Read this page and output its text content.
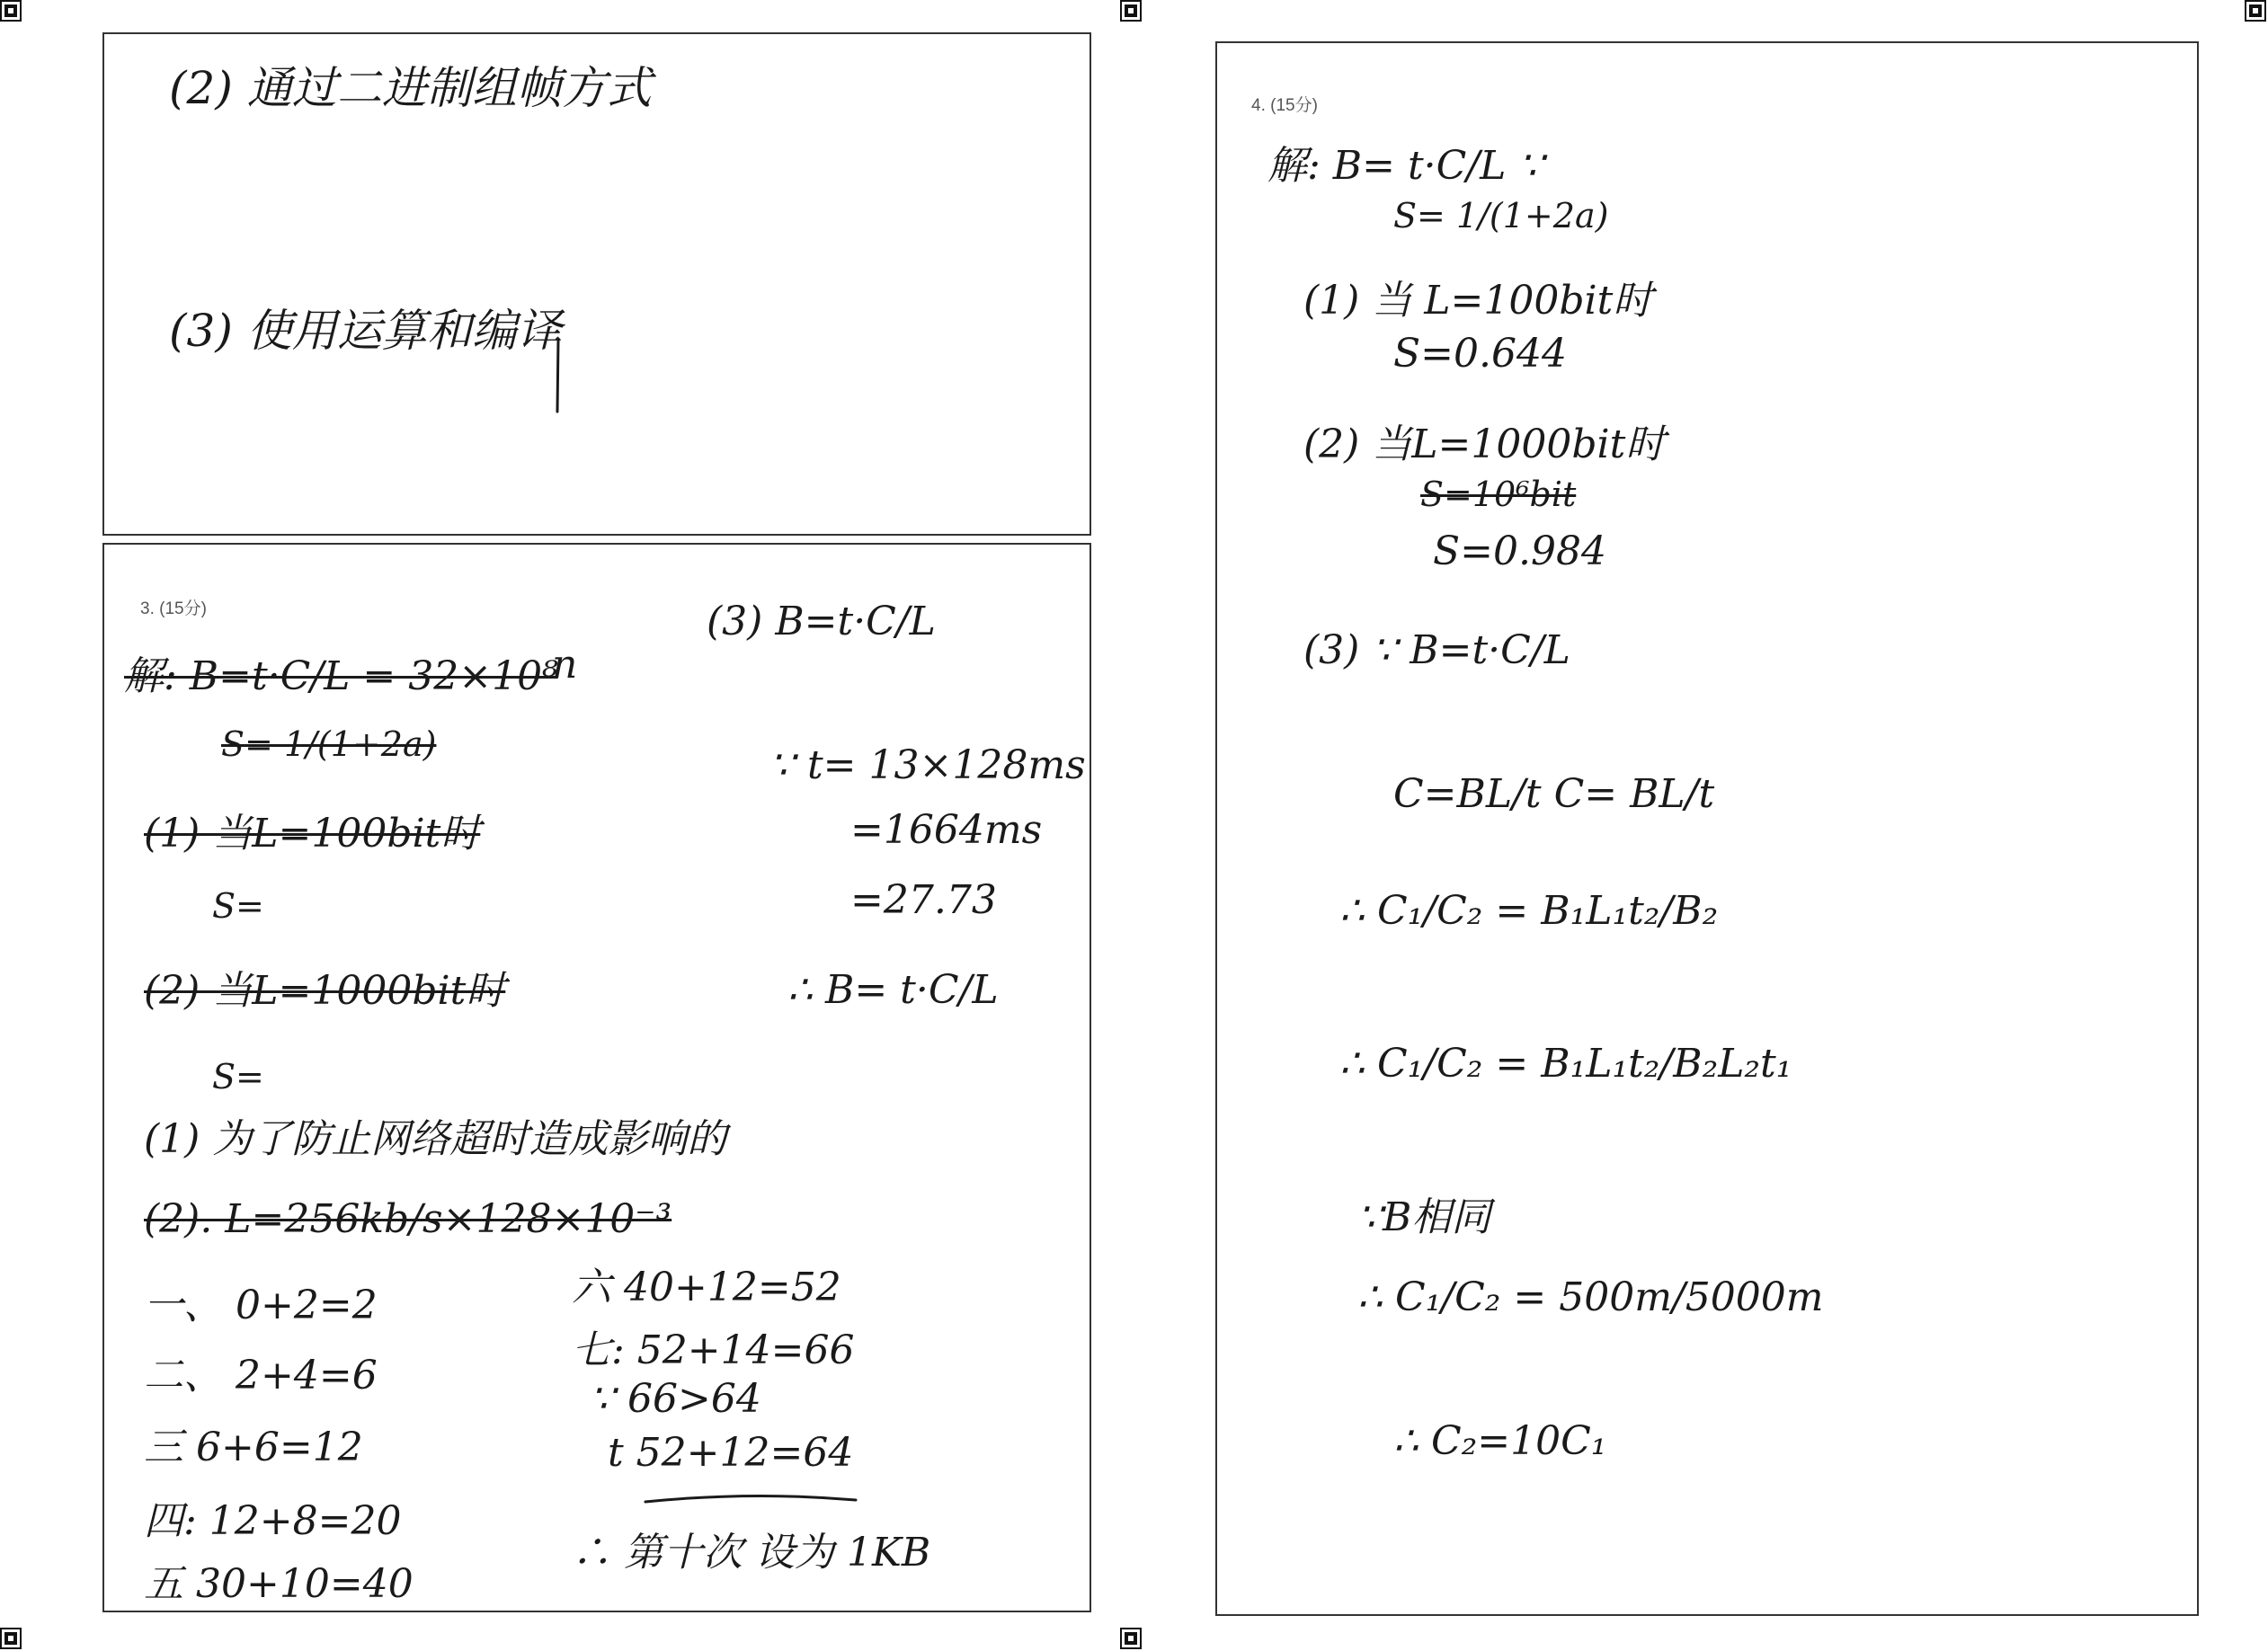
(2) 通过二进制组帧方式
(3) 使用运算和编译
3. (15分)
解: B=t·C/L = 32×10⁸
n
S= 1/(1+2a)
(1) 当L=100bit时
S=
(2) 当L=1000bit时
S=
(1) 为了防止网络超时造成影响的
(2). L=256kb/s×128×10⁻³
一、 0+2=2
二、 2+4=6
三 6+6=12
四: 12+8=20
五 30+10=40
(3) B=t·C/L
∵ t= 13×128ms
=1664ms
=27.73
∴ B= t·C/L
六 40+12=52
七: 52+14=66
∵ 66>64
t 52+12=64
∴ 第十次 设为 1KB
4. (15分)
解: B= t·C/L ∵
S= 1/(1+2a)
(1) 当 L=100bit时
S=0.644
(2) 当L=1000bit时
S=10⁶bit
S=0.984
(3) ∵ B=t·C/L
C=BL/t C= BL/t
∴ C₁/C₂ = B₁L₁t₂/B₂
∴ C₁/C₂ = B₁L₁t₂/B₂L₂t₁
∵B相同
∴ C₁/C₂ = 500m/5000m
∴ C₂=10C₁
